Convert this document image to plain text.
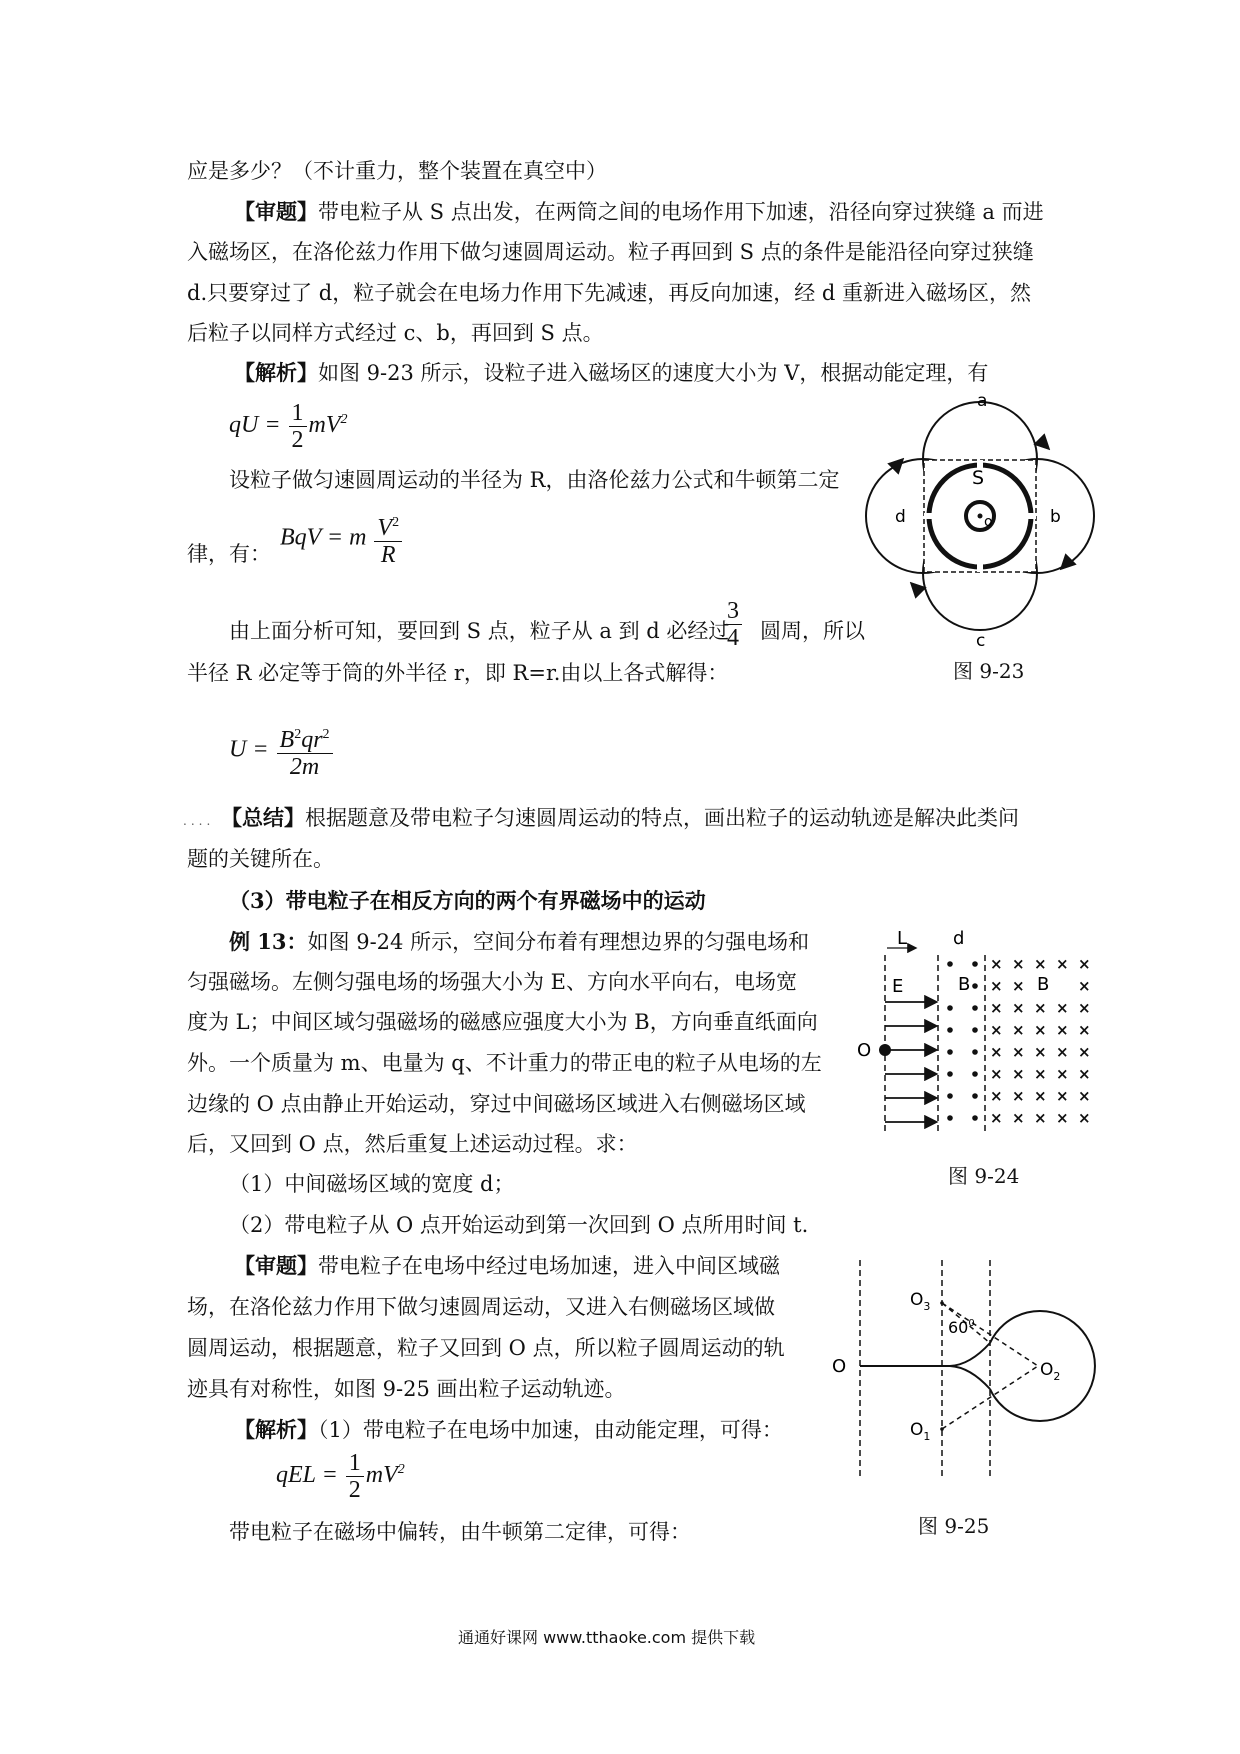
应是多少？（不计重力，整个装置在真空中）
【审题】带电粒子从 S 点出发，在两筒之间的电场作用下加速，沿径向穿过狭缝 a 而进
入磁场区，在洛伦兹力作用下做匀速圆周运动。粒子再回到 S 点的条件是能沿径向穿过狭缝
d.只要穿过了 d，粒子就会在电场力作用下先减速，再反向加速，经 d 重新进入磁场区，然
后粒子以同样方式经过 c、b，再回到 S 点。
【解析】如图 9-23 所示，设粒子进入磁场区的速度大小为 V，根据动能定理，有
qU = $\frac{1}{2} mV^2$
设粒子做匀速圆周运动的半径为 R，由洛伦兹力公式和牛顿第二定
律，有：
BqV = m $\frac{V^2}{R}$
由上面分析可知，要回到 S 点，粒子从 a 到 d 必经过
$\frac{3}{4}$ 圆周，所以
半径 R 必定等于筒的外半径 r，即 R=r.由以上各式解得：
$U = \frac{B^2qr^2}{2m}$
.... 【总结】根据题意及带电粒子匀速圆周运动的特点，画出粒子的运动轨迹是解决此类问
题的关键所在。
（3）带电粒子在相反方向的两个有界磁场中的运动
例 13：如图 9-24 所示，空间分布着有理想边界的匀强电场和
匀强磁场。左侧匀强电场的场强大小为 E、方向水平向右，电场宽
度为 L；中间区域匀强磁场的磁感应强度大小为 B，方向垂直纸面向
外。一个质量为 m、电量为 q、不计重力的带正电的粒子从电场的左
边缘的 O 点由静止开始运动，穿过中间磁场区域进入右侧磁场区域
后，又回到 O 点，然后重复上述运动过程。求：
（1）中间磁场区域的宽度 d；
（2）带电粒子从 O 点开始运动到第一次回到 O 点所用时间 t.
【审题】带电粒子在电场中经过电场加速，进入中间区域磁
场，在洛伦兹力作用下做匀速圆周运动，又进入右侧磁场区域做
圆周运动，根据题意，粒子又回到 O 点，所以粒子圆周运动的轨
迹具有对称性，如图 9-25 画出粒子运动轨迹。
【解析】（1）带电粒子在电场中加速，由动能定理，可得：
qEL = $\frac{1}{2} mV^2$
带电粒子在磁场中偏转，由牛顿第二定律，可得：
a
b
c
d
S
o
图 9-23
L	d
E
O
B	B
× × × × ×
× ×	×
× × × × ×
× × × × ×
× × × × ×
× × × × ×
× × × × ×
× × × × ×
图 9-24
O
$O_3$
$O_1$
$O_2$
$60^0$
图 9-25
通通好课网 www.tthaoke.com 提供下载
